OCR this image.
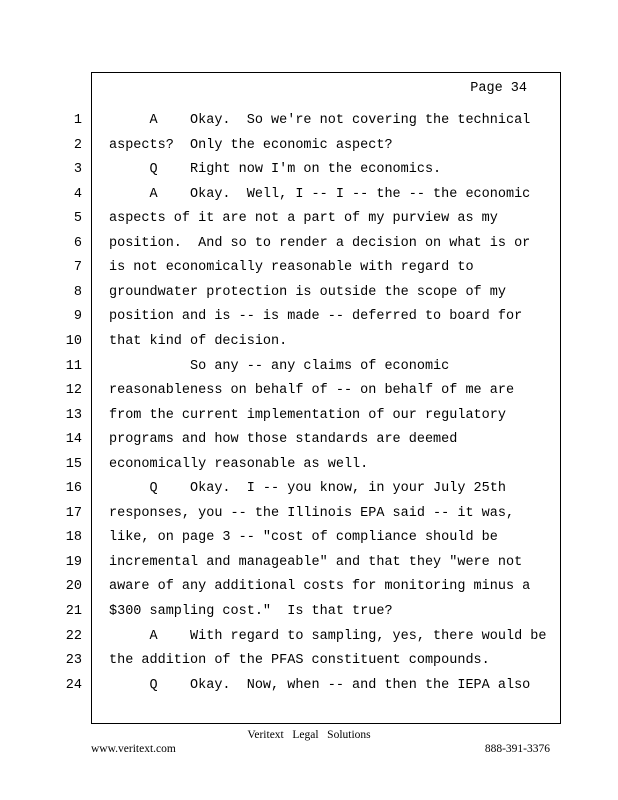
Page 34
1 A    Okay.  So we're not covering the technical
2 aspects?  Only the economic aspect?
3 Q    Right now I'm on the economics.
4 A    Okay.  Well, I -- I -- the -- the economic
5 aspects of it are not a part of my purview as my
6 position.  And so to render a decision on what is or
7 is not economically reasonable with regard to
8 groundwater protection is outside the scope of my
9 position and is -- is made -- deferred to board for
10 that kind of decision.
11 So any -- any claims of economic
12 reasonableness on behalf of -- on behalf of me are
13 from the current implementation of our regulatory
14 programs and how those standards are deemed
15 economically reasonable as well.
16 Q    Okay.  I -- you know, in your July 25th
17 responses, you -- the Illinois EPA said -- it was,
18 like, on page 3 -- "cost of compliance should be
19 incremental and manageable" and that they "were not
20 aware of any additional costs for monitoring minus a
21 $300 sampling cost."  Is that true?
22 A    With regard to sampling, yes, there would be
23 the addition of the PFAS constituent compounds.
24 Q    Okay.  Now, when -- and then the IEPA also
Veritext   Legal   Solutions
www.veritext.com	888-391-3376
